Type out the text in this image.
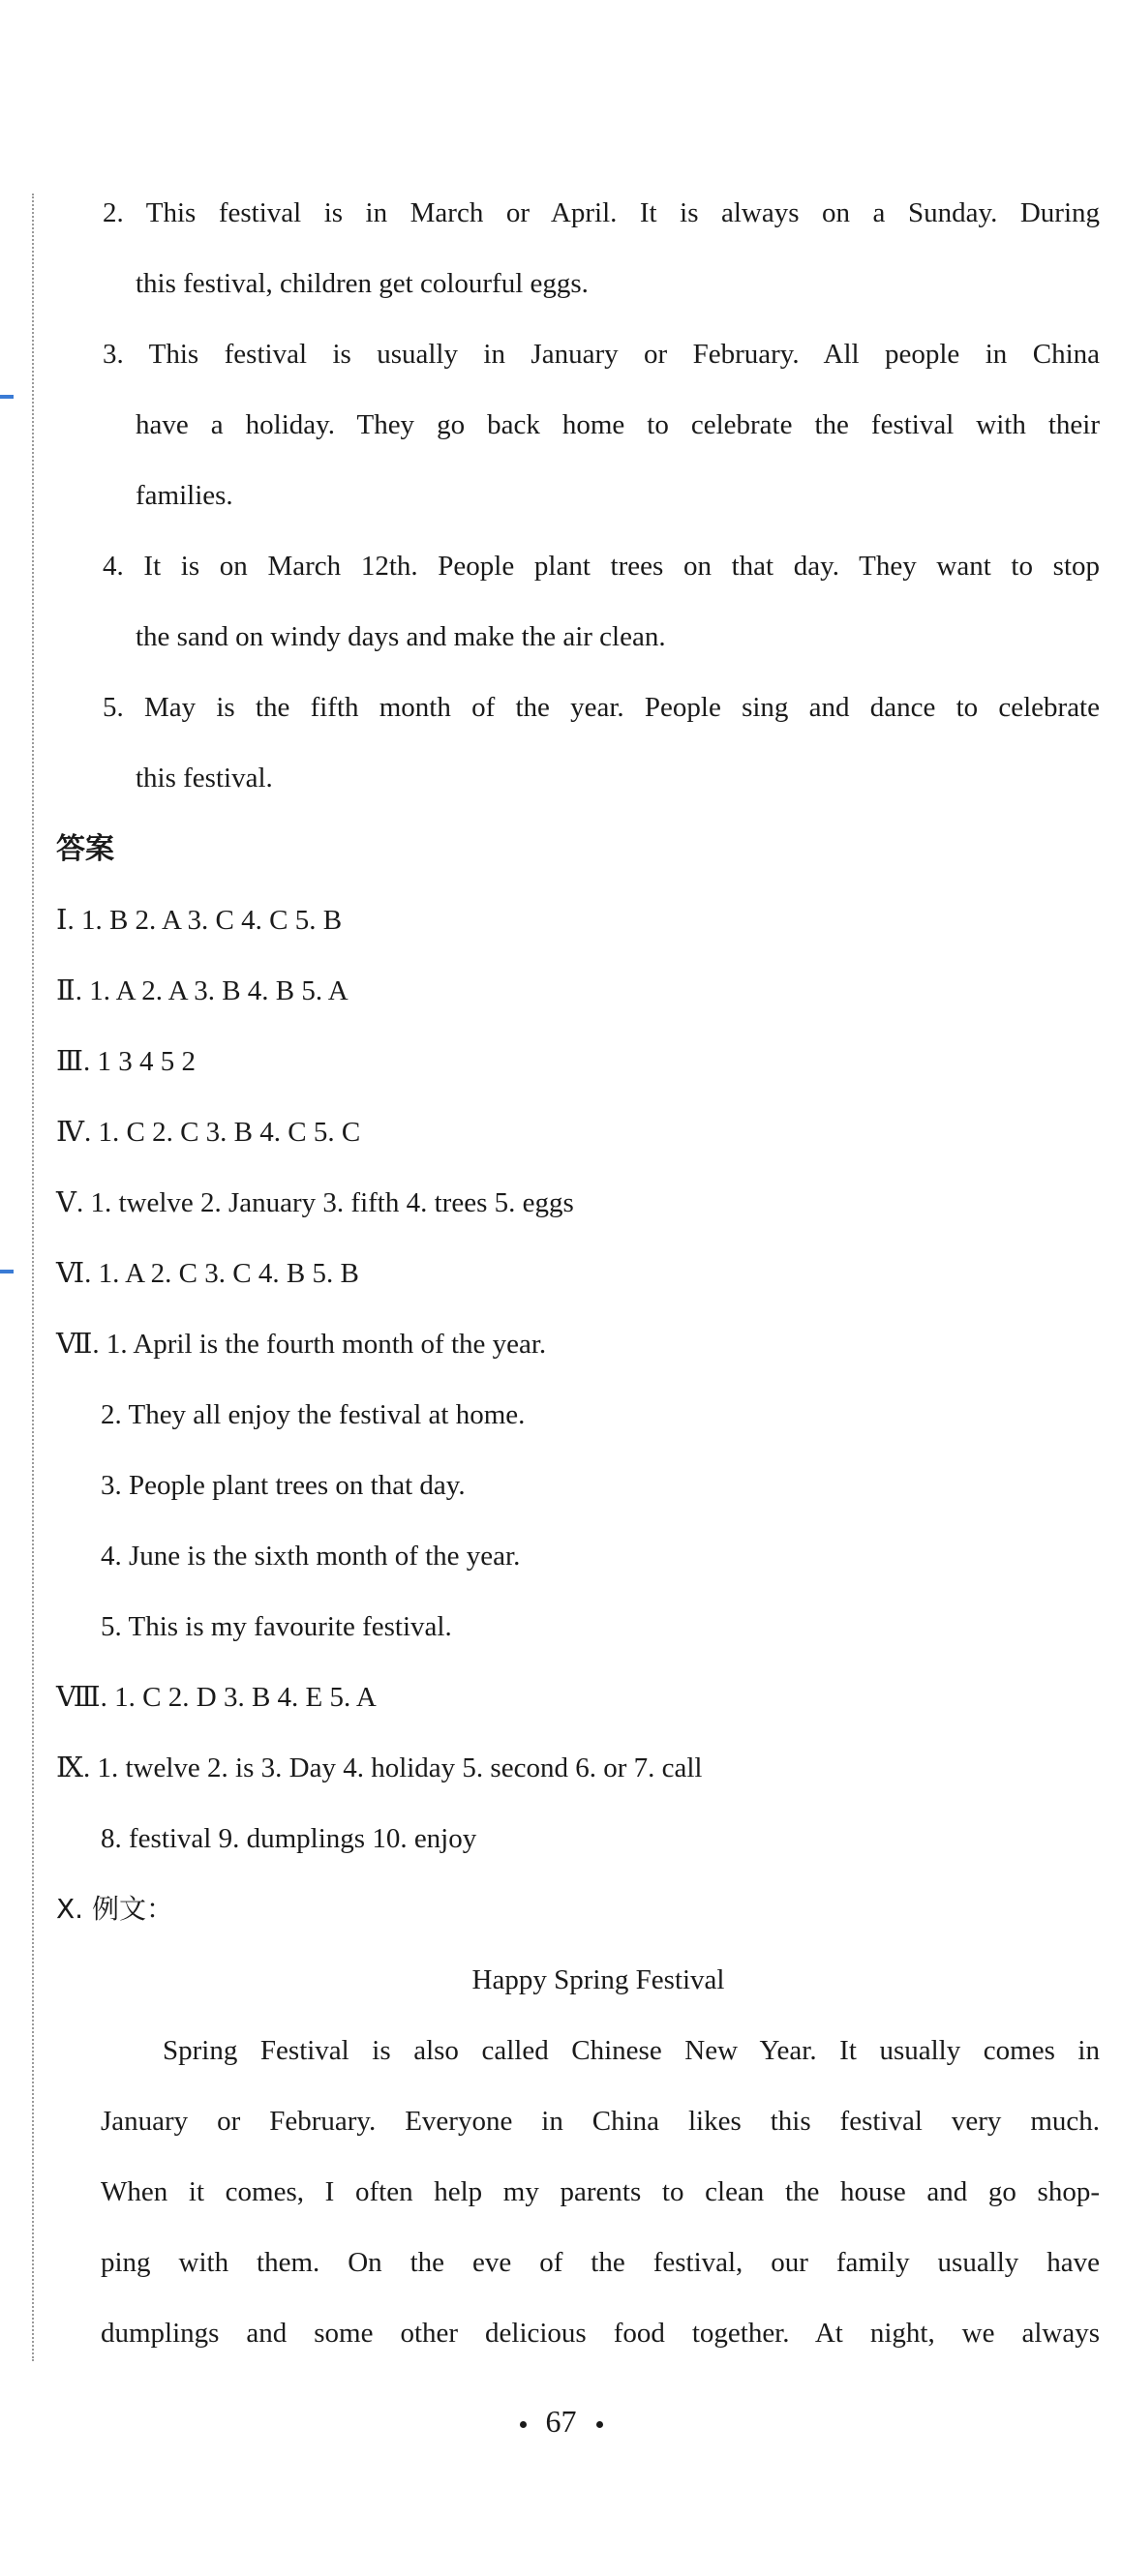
2. This festival is in March or April. It is always on a Sunday. During
this festival, children get colourful eggs.
3. This festival is usually in January or February. All people in China
have a holiday. They go back home to celebrate the festival with their
families.
4. It is on March 12th. People plant trees on that day. They want to stop
the sand on windy days and make the air clean.
5. May is the fifth month of the year. People sing and dance to celebrate
this festival.
答案
Ⅰ. 1. B 2. A 3. C 4. C 5. B
Ⅱ. 1. A 2. A 3. B 4. B 5. A
Ⅲ. 1 3 4 5 2
Ⅳ. 1. C 2. C 3. B 4. C 5. C
Ⅴ. 1. twelve 2. January 3. fifth 4. trees 5. eggs
Ⅵ. 1. A 2. C 3. C 4. B 5. B
Ⅶ. 1. April is the fourth month of the year.
2. They all enjoy the festival at home.
3. People plant trees on that day.
4. June is the sixth month of the year.
5. This is my favourite festival.
Ⅷ. 1. C 2. D 3. B 4. E 5. A
Ⅸ. 1. twelve 2. is 3. Day 4. holiday 5. second 6. or 7. call
8. festival 9. dumplings 10. enjoy
Ⅹ. 例文：
Happy Spring Festival
Spring Festival is also called Chinese New Year. It usually comes in
January or February. Everyone in China likes this festival very much.
When it comes, I often help my parents to clean the house and go shop-
ping with them. On the eve of the festival, our family usually have
dumplings and some other delicious food together. At night, we always
67
